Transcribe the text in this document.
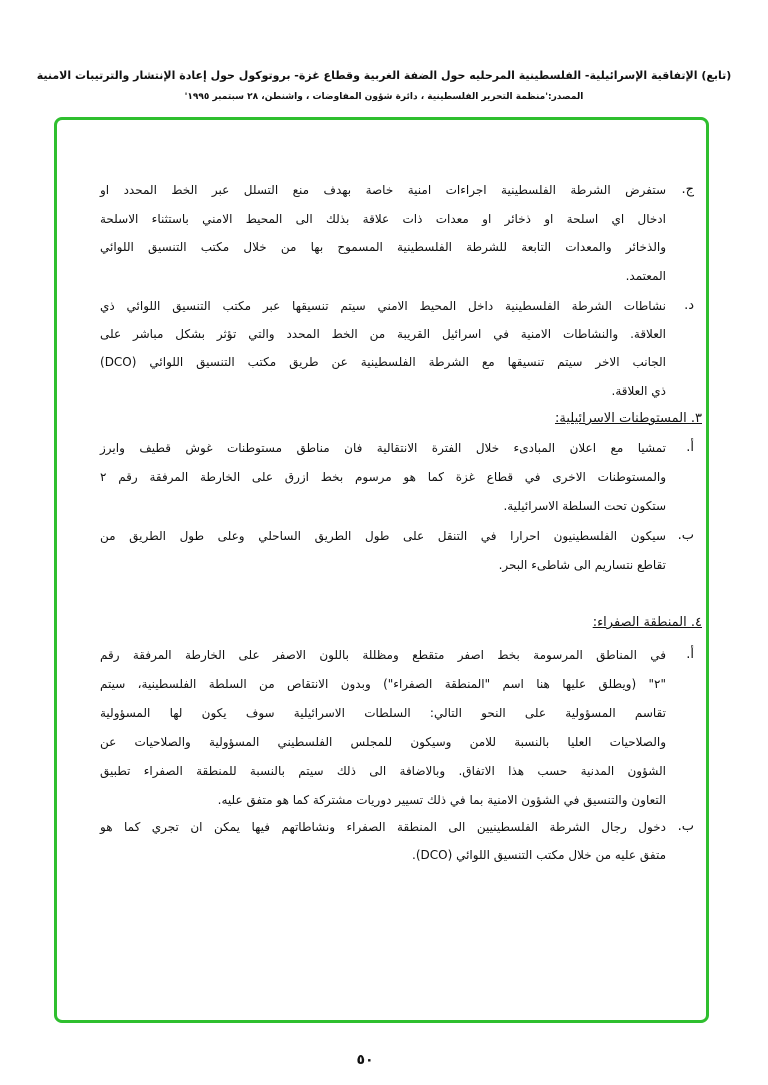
(تابع) الإتفاقية الإسرائيلية- الفلسطينية المرحليه حول الضفة الغربية وقطاع غزة- بروتوكول حول إعادة الإنتشار والترتيبات الامنية
المصدر:'منظمة التحرير الفلسطينية ، دائرة شؤون المفاوضات ، واشنطن، ٢٨ سبتمبر ١٩٩٥'
ج.
ستفرض الشرطة الفلسطينية اجراءات امنية خاصة بهدف منع التسلل عبر الخط المحدد او
ادخال اي اسلحة او ذخائر او معدات ذات علاقة بذلك الى المحيط الامني باستثناء الاسلحة
والذخائر والمعدات التابعة للشرطة الفلسطينية المسموح بها من خلال مكتب التنسيق اللوائي
المعتمد.
د.
نشاطات الشرطة الفلسطينية داخل المحيط الامني سيتم تنسيقها عبر مكتب التنسيق اللوائي ذي
العلاقة. والنشاطات الامنية في اسرائيل القريبة من الخط المحدد والتي تؤثر بشكل مباشر على
الجانب الاخر سيتم تنسيقها مع الشرطة الفلسطينية عن طريق مكتب التنسيق اللوائي (DCO)
ذي العلاقة.
٣. المستوطنات الاسرائيلية:
أ.
تمشيا مع اعلان المبادىء خلال الفترة الانتقالية فان مناطق مستوطنات غوش قطيف وايرز
والمستوطنات الاخرى في قطاع غزة كما هو مرسوم بخط ازرق على الخارطة المرفقة رقم ٢
ستكون تحت السلطة الاسرائيلية.
ب.
سيكون الفلسطينيون احرارا في التنقل على طول الطريق الساحلي وعلى طول الطريق من
تقاطع نتساريم الى شاطىء البحر.
٤. المنطقة الصفراء:
أ.
في المناطق المرسومة بخط اصفر متقطع ومظللة باللون الاصفر على الخارطة المرفقة رقم
"٢" (ويطلق عليها هنا اسم "المنطقة الصفراء") وبدون الانتقاص من السلطة الفلسطينية، سيتم
تقاسم المسؤولية على النحو التالي: السلطات الاسرائيلية سوف يكون لها المسؤولية
والصلاحيات العليا بالنسبة للامن وسيكون للمجلس الفلسطيني المسؤولية والصلاحيات عن
الشؤون المدنية حسب هذا الاتفاق. وبالاضافة الى ذلك سيتم بالنسبة للمنطقة الصفراء تطبيق
التعاون والتنسيق في الشؤون الامنية بما في ذلك تسيير دوريات مشتركة كما هو متفق عليه.
ب.
دخول رجال الشرطة الفلسطينيين الى المنطقة الصفراء ونشاطاتهم فيها يمكن ان تجري كما هو
متفق عليه من خلال مكتب التنسيق اللوائي (DCO).
٥٠
